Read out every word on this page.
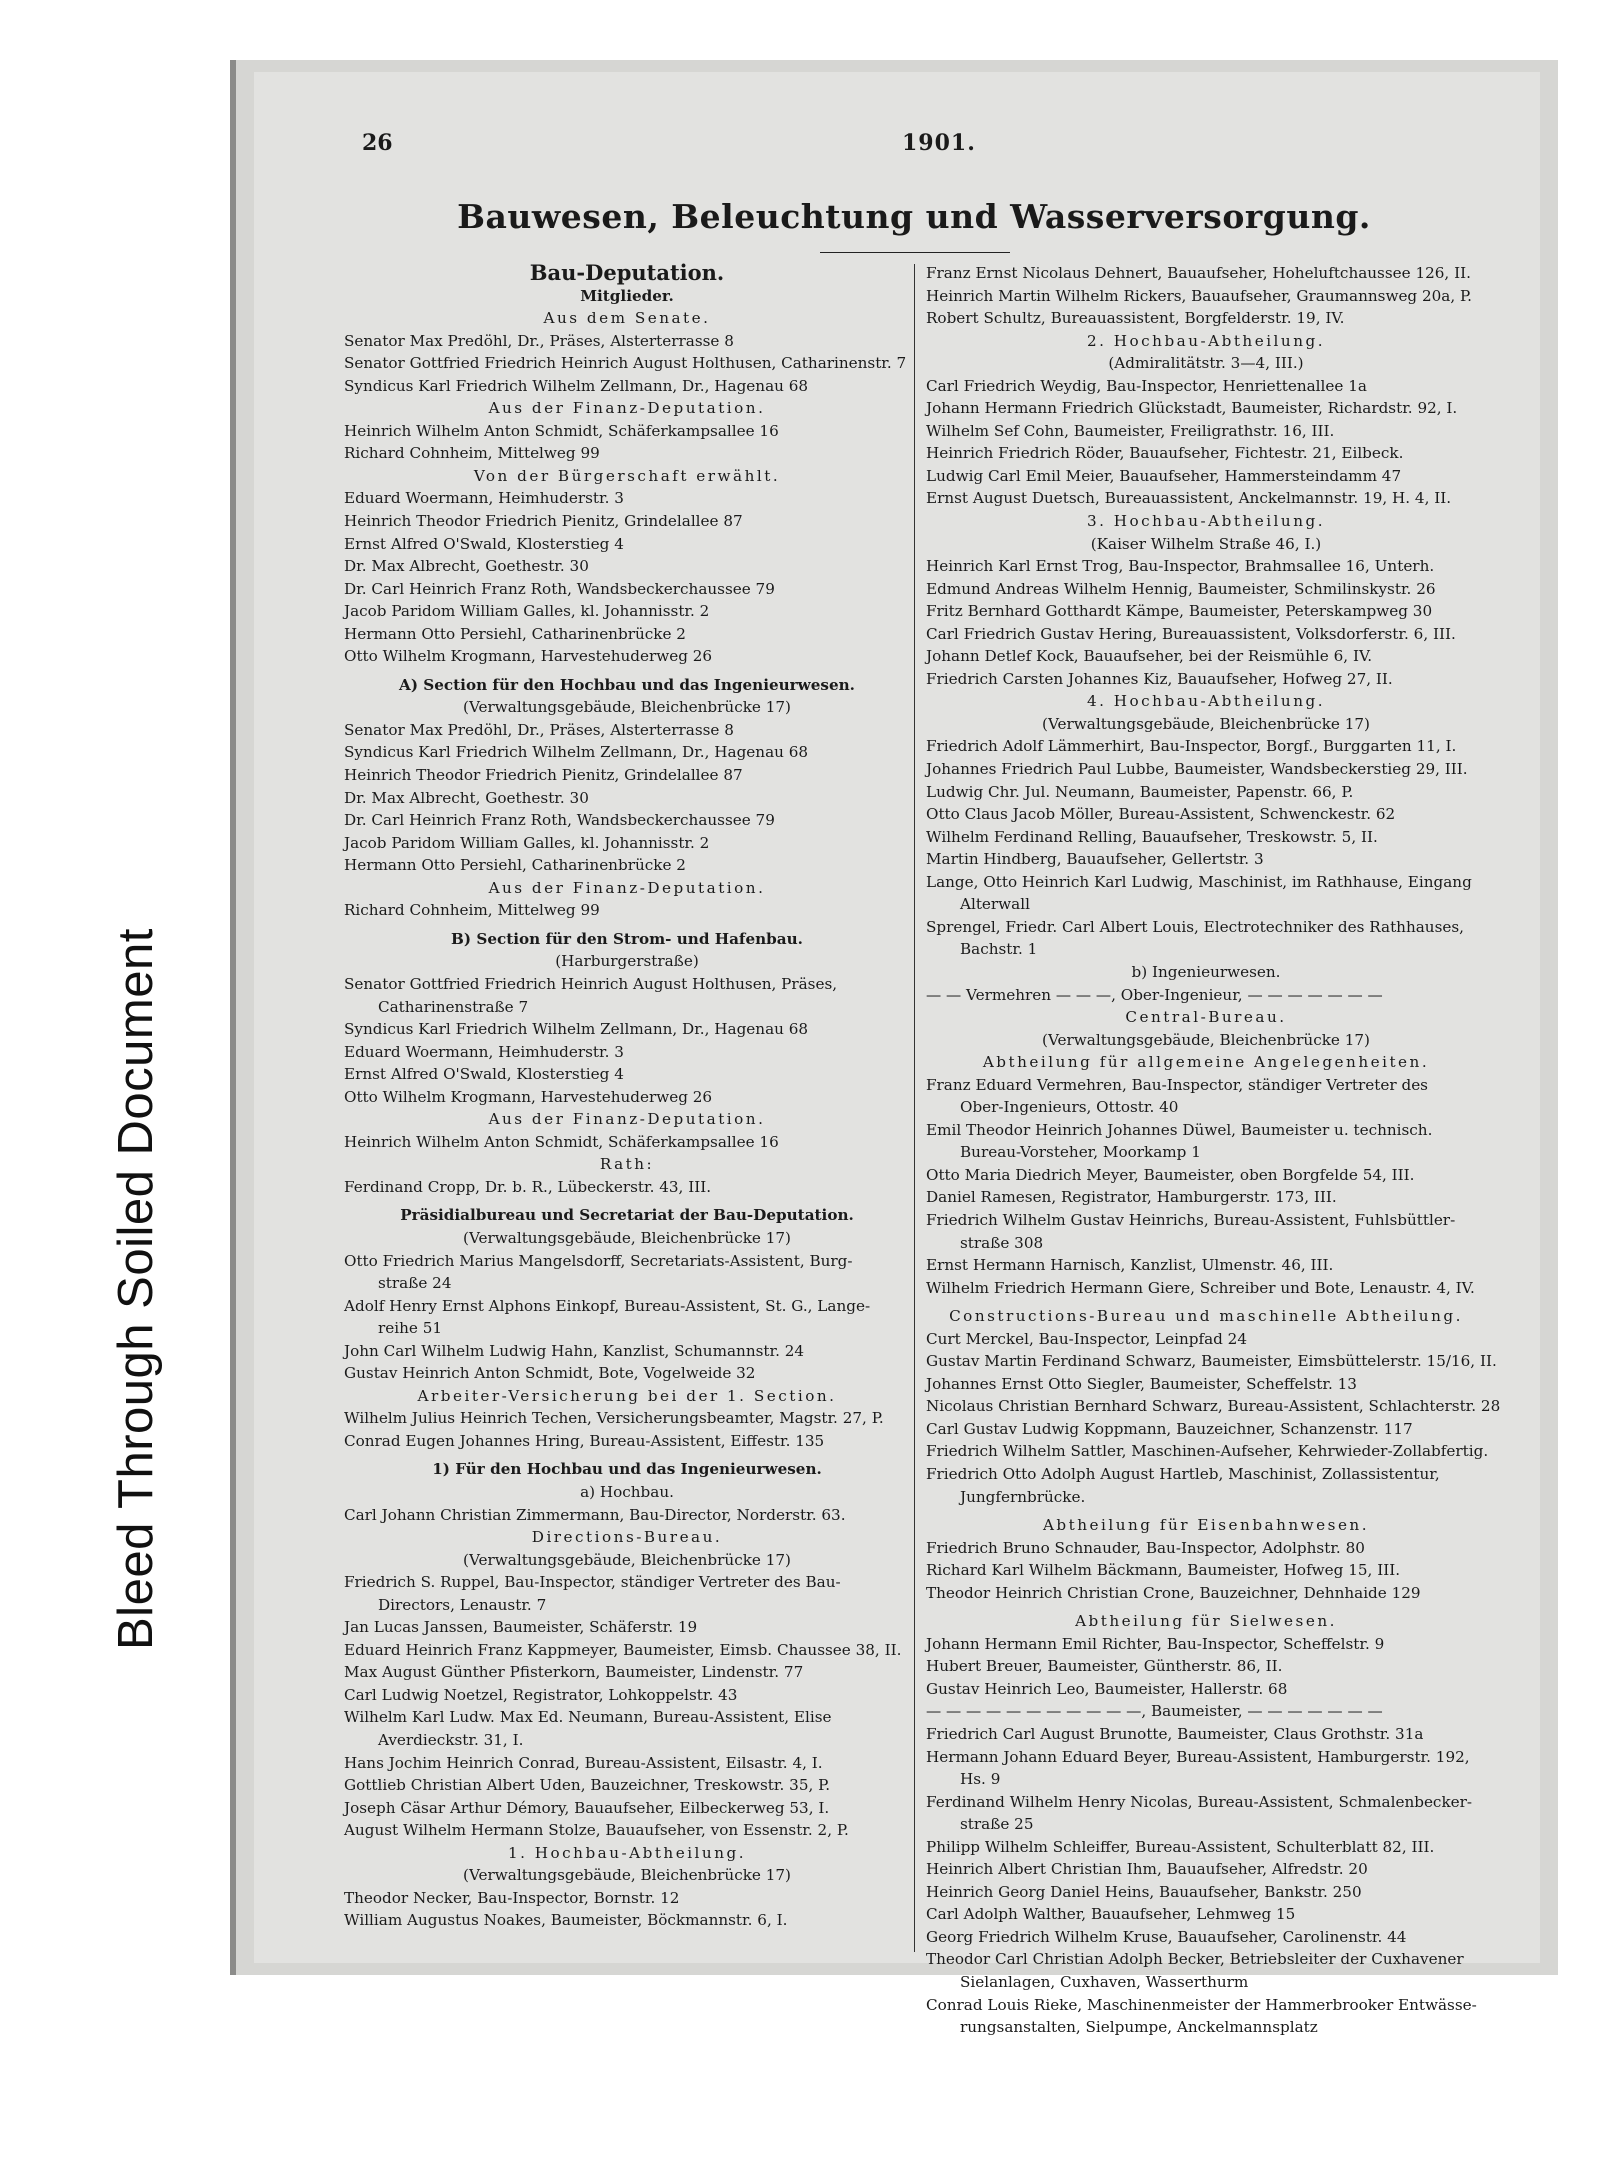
Bleed Through Soiled Document
26	1901.
Bauwesen, Beleuchtung und Wasserversorgung.
Bau-Deputation.
Mitglieder.
Aus dem Senate.
Senator Max Predöhl, Dr., Präses, Alsterterrasse 8
Senator Gottfried Friedrich Heinrich August Holthusen, Catharinenstr. 7
Syndicus Karl Friedrich Wilhelm Zellmann, Dr., Hagenau 68
Aus der Finanz-Deputation.
Heinrich Wilhelm Anton Schmidt, Schäferkampsallee 16
Richard Cohnheim, Mittelweg 99
Von der Bürgerschaft erwählt.
Eduard Woermann, Heimhuderstr. 3
Heinrich Theodor Friedrich Pienitz, Grindelallee 87
Ernst Alfred O'Swald, Klosterstieg 4
Dr. Max Albrecht, Goethestr. 30
Dr. Carl Heinrich Franz Roth, Wandsbeckerchaussee 79
Jacob Paridom William Galles, kl. Johannisstr. 2
Hermann Otto Persiehl, Catharinenbrücke 2
Otto Wilhelm Krogmann, Harvestehuderweg 26
A) Section für den Hochbau und das Ingenieurwesen.
(Verwaltungsgebäude, Bleichenbrücke 17)
Senator Max Predöhl, Dr., Präses, Alsterterrasse 8
Syndicus Karl Friedrich Wilhelm Zellmann, Dr., Hagenau 68
Heinrich Theodor Friedrich Pienitz, Grindelallee 87
Dr. Max Albrecht, Goethestr. 30
Dr. Carl Heinrich Franz Roth, Wandsbeckerchaussee 79
Jacob Paridom William Galles, kl. Johannisstr. 2
Hermann Otto Persiehl, Catharinenbrücke 2
Aus der Finanz-Deputation.
Richard Cohnheim, Mittelweg 99
B) Section für den Strom- und Hafenbau.
(Harburgerstraße)
Senator Gottfried Friedrich Heinrich August Holthusen, Präses,
Catharinenstraße 7
Syndicus Karl Friedrich Wilhelm Zellmann, Dr., Hagenau 68
Eduard Woermann, Heimhuderstr. 3
Ernst Alfred O'Swald, Klosterstieg 4
Otto Wilhelm Krogmann, Harvestehuderweg 26
Aus der Finanz-Deputation.
Heinrich Wilhelm Anton Schmidt, Schäferkampsallee 16
Rath:
Ferdinand Cropp, Dr. b. R., Lübeckerstr. 43, III.
Präsidialbureau und Secretariat der Bau-Deputation.
(Verwaltungsgebäude, Bleichenbrücke 17)
Otto Friedrich Marius Mangelsdorff, Secretariats-Assistent, Burg-
straße 24
Adolf Henry Ernst Alphons Einkopf, Bureau-Assistent, St. G., Lange-
reihe 51
John Carl Wilhelm Ludwig Hahn, Kanzlist, Schumannstr. 24
Gustav Heinrich Anton Schmidt, Bote, Vogelweide 32
Arbeiter-Versicherung bei der 1. Section.
Wilhelm Julius Heinrich Techen, Versicherungsbeamter, Magstr. 27, P.
Conrad Eugen Johannes Hring, Bureau-Assistent, Eiffestr. 135
1) Für den Hochbau und das Ingenieurwesen.
a) Hochbau.
Carl Johann Christian Zimmermann, Bau-Director, Norderstr. 63.
Directions-Bureau.
(Verwaltungsgebäude, Bleichenbrücke 17)
Friedrich S. Ruppel, Bau-Inspector, ständiger Vertreter des Bau-
Directors, Lenaustr. 7
Jan Lucas Janssen, Baumeister, Schäferstr. 19
Eduard Heinrich Franz Kappmeyer, Baumeister, Eimsb. Chaussee 38, II.
Max August Günther Pfisterkorn, Baumeister, Lindenstr. 77
Carl Ludwig Noetzel, Registrator, Lohkoppelstr. 43
Wilhelm Karl Ludw. Max Ed. Neumann, Bureau-Assistent, Elise
Averdieckstr. 31, I.
Hans Jochim Heinrich Conrad, Bureau-Assistent, Eilsastr. 4, I.
Gottlieb Christian Albert Uden, Bauzeichner, Treskowstr. 35, P.
Joseph Cäsar Arthur Démory, Bauaufseher, Eilbeckerweg 53, I.
August Wilhelm Hermann Stolze, Bauaufseher, von Essenstr. 2, P.
1. Hochbau-Abtheilung.
(Verwaltungsgebäude, Bleichenbrücke 17)
Theodor Necker, Bau-Inspector, Bornstr. 12
William Augustus Noakes, Baumeister, Böckmannstr. 6, I.
Franz Ernst Nicolaus Dehnert, Bauaufseher, Hoheluftchaussee 126, II.
Heinrich Martin Wilhelm Rickers, Bauaufseher, Graumannsweg 20a, P.
Robert Schultz, Bureauassistent, Borgfelderstr. 19, IV.
2. Hochbau-Abtheilung.
(Admiralitätstr. 3—4, III.)
Carl Friedrich Weydig, Bau-Inspector, Henriettenallee 1a
Johann Hermann Friedrich Glückstadt, Baumeister, Richardstr. 92, I.
Wilhelm Sef Cohn, Baumeister, Freiligrathstr. 16, III.
Heinrich Friedrich Röder, Bauaufseher, Fichtestr. 21, Eilbeck.
Ludwig Carl Emil Meier, Bauaufseher, Hammersteindamm 47
Ernst August Duetsch, Bureauassistent, Anckelmannstr. 19, H. 4, II.
3. Hochbau-Abtheilung.
(Kaiser Wilhelm Straße 46, I.)
Heinrich Karl Ernst Trog, Bau-Inspector, Brahmsallee 16, Unterh.
Edmund Andreas Wilhelm Hennig, Baumeister, Schmilinskystr. 26
Fritz Bernhard Gotthardt Kämpe, Baumeister, Peterskampweg 30
Carl Friedrich Gustav Hering, Bureauassistent, Volksdorferstr. 6, III.
Johann Detlef Kock, Bauaufseher, bei der Reismühle 6, IV.
Friedrich Carsten Johannes Kiz, Bauaufseher, Hofweg 27, II.
4. Hochbau-Abtheilung.
(Verwaltungsgebäude, Bleichenbrücke 17)
Friedrich Adolf Lämmerhirt, Bau-Inspector, Borgf., Burggarten 11, I.
Johannes Friedrich Paul Lubbe, Baumeister, Wandsbeckerstieg 29, III.
Ludwig Chr. Jul. Neumann, Baumeister, Papenstr. 66, P.
Otto Claus Jacob Möller, Bureau-Assistent, Schwenckestr. 62
Wilhelm Ferdinand Relling, Bauaufseher, Treskowstr. 5, II.
Martin Hindberg, Bauaufseher, Gellertstr. 3
Lange, Otto Heinrich Karl Ludwig, Maschinist, im Rathhause, Eingang
Alterwall
Sprengel, Friedr. Carl Albert Louis, Electrotechniker des Rathhauses,
Bachstr. 1
b) Ingenieurwesen.
— — Vermehren — — —, Ober-Ingenieur, — — — — — — —
Central-Bureau.
(Verwaltungsgebäude, Bleichenbrücke 17)
Abtheilung für allgemeine Angelegenheiten.
Franz Eduard Vermehren, Bau-Inspector, ständiger Vertreter des
Ober-Ingenieurs, Ottostr. 40
Emil Theodor Heinrich Johannes Düwel, Baumeister u. technisch.
Bureau-Vorsteher, Moorkamp 1
Otto Maria Diedrich Meyer, Baumeister, oben Borgfelde 54, III.
Daniel Ramesen, Registrator, Hamburgerstr. 173, III.
Friedrich Wilhelm Gustav Heinrichs, Bureau-Assistent, Fuhlsbüttler-
straße 308
Ernst Hermann Harnisch, Kanzlist, Ulmenstr. 46, III.
Wilhelm Friedrich Hermann Giere, Schreiber und Bote, Lenaustr. 4, IV.
Constructions-Bureau und maschinelle Abtheilung.
Curt Merckel, Bau-Inspector, Leinpfad 24
Gustav Martin Ferdinand Schwarz, Baumeister, Eimsbüttelerstr. 15/16, II.
Johannes Ernst Otto Siegler, Baumeister, Scheffelstr. 13
Nicolaus Christian Bernhard Schwarz, Bureau-Assistent, Schlachterstr. 28
Carl Gustav Ludwig Koppmann, Bauzeichner, Schanzenstr. 117
Friedrich Wilhelm Sattler, Maschinen-Aufseher, Kehrwieder-Zollabfertig.
Friedrich Otto Adolph August Hartleb, Maschinist, Zollassistentur,
Jungfernbrücke.
Abtheilung für Eisenbahnwesen.
Friedrich Bruno Schnauder, Bau-Inspector, Adolphstr. 80
Richard Karl Wilhelm Bäckmann, Baumeister, Hofweg 15, III.
Theodor Heinrich Christian Crone, Bauzeichner, Dehnhaide 129
Abtheilung für Sielwesen.
Johann Hermann Emil Richter, Bau-Inspector, Scheffelstr. 9
Hubert Breuer, Baumeister, Güntherstr. 86, II.
Gustav Heinrich Leo, Baumeister, Hallerstr. 68
— — — — — — — — — — —, Baumeister, — — — — — — —
Friedrich Carl August Brunotte, Baumeister, Claus Grothstr. 31a
Hermann Johann Eduard Beyer, Bureau-Assistent, Hamburgerstr. 192,
Hs. 9
Ferdinand Wilhelm Henry Nicolas, Bureau-Assistent, Schmalenbecker-
straße 25
Philipp Wilhelm Schleiffer, Bureau-Assistent, Schulterblatt 82, III.
Heinrich Albert Christian Ihm, Bauaufseher, Alfredstr. 20
Heinrich Georg Daniel Heins, Bauaufseher, Bankstr. 250
Carl Adolph Walther, Bauaufseher, Lehmweg 15
Georg Friedrich Wilhelm Kruse, Bauaufseher, Carolinenstr. 44
Theodor Carl Christian Adolph Becker, Betriebsleiter der Cuxhavener
Sielanlagen, Cuxhaven, Wasserthurm
Conrad Louis Rieke, Maschinenmeister der Hammerbrooker Entwässe-
rungsanstalten, Sielpumpe, Anckelmannsplatz
